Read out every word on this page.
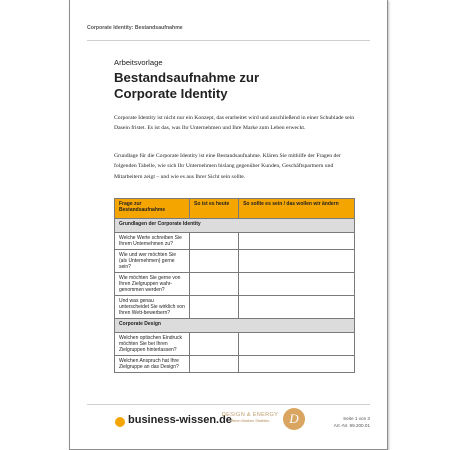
Corporate Identity: Bestandsaufnahme
Arbeitsvorlage
Bestandsaufnahme zur
Corporate Identity
Corporate Identity ist nicht nur ein Konzept, das erarbeitet wird und anschließend in einer Schublade sein Dasein fristet. Es ist das, was Ihr Unternehmen und Ihre Marke zum Leben erweckt.
Grundlage für die Corporate Identity ist eine Bestandsaufnahme. Klären Sie mithilfe der Fragen der folgenden Tabelle, wie sich Ihr Unternehmen bislang gegenüber Kunden, Geschäftspartnern und Mitarbeitern zeigt – und wie es aus Ihrer Sicht sein sollte.
Frage zur Bestandsaufnahme	So ist es heute	So sollte es sein / das wollen wir ändern
Grundlagen der Corporate Identity		
Welche Werte schreiben Sie Ihrem Unternehmen zu?		
Wie und wer möchten Sie (als Unternehmen) gerne sein?		
Wie möchten Sie gerne von Ihren Zielgruppen wahr-genommen werden?		
Und was genau unterscheidet Sie wirklich von Ihren Wett-bewerbern?		
Corporate Design		
Welchen optischen Eindruck möchten Sie bei Ihren Zielgruppen hinterlassen?		
Welchen Anspruch hat Ihre Zielgruppe an das Design?		
business-wissen.de
DESIGN & ENERGY
Wenn Marken Strahlen	D	Seite 1 von 3
Art.-Nr. 99.200.01
